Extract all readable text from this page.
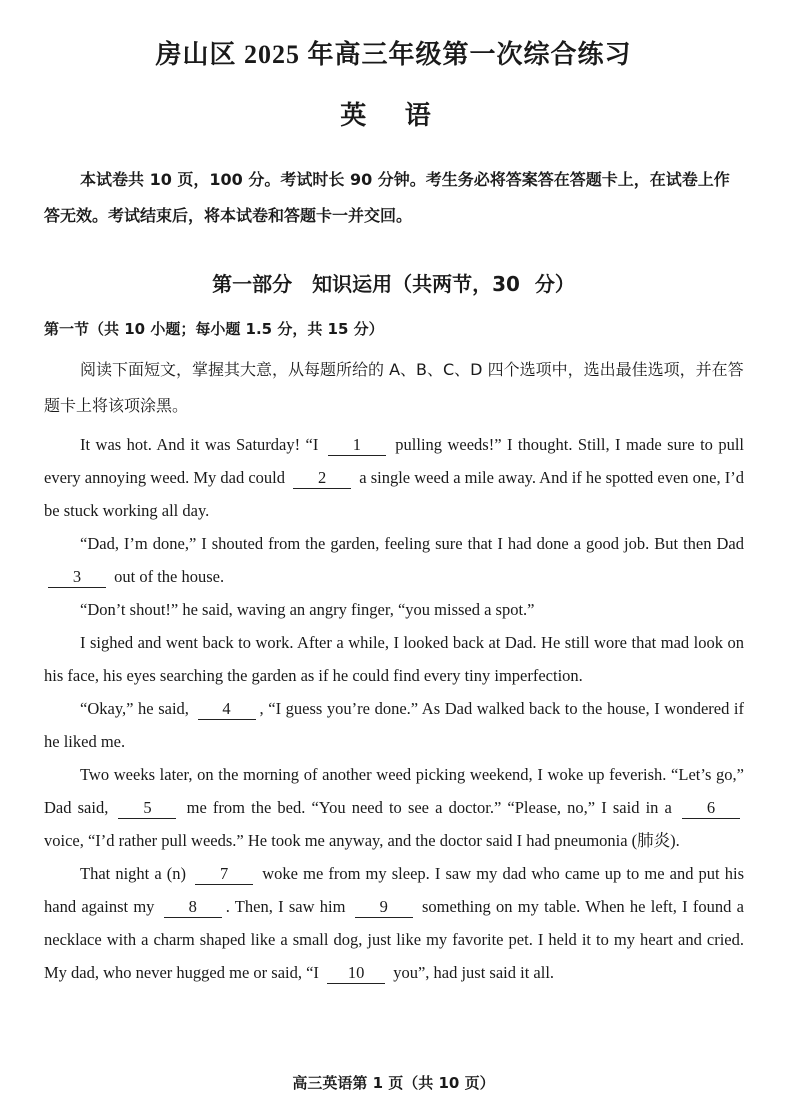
房山区 2025 年高三年级第一次综合练习
英 语
本试卷共 10 页，100 分。考试时长 90 分钟。考生务必将答案答在答题卡上，在试卷上作答无效。考试结束后，将本试卷和答题卡一并交回。
第一部分　知识运用（共两节，30 分）
第一节（共 10 小题；每小题 1.5 分，共 15 分）
阅读下面短文，掌握其大意，从每题所给的 A、B、C、D 四个选项中，选出最佳选项，并在答题卡上将该项涂黑。

It was hot. And it was Saturday! “I 1 pulling weeds!” I thought. Still, I made sure to pull every annoying weed. My dad could 2 a single weed a mile away. And if he spotted even one, I’d be stuck working all day.

“Dad, I’m done,” I shouted from the garden, feeling sure that I had done a good job. But then Dad 3 out of the house.

“Don’t shout!” he said, waving an angry finger, “you missed a spot.”

I sighed and went back to work. After a while, I looked back at Dad. He still wore that mad look on his face, his eyes searching the garden as if he could find every tiny imperfection.

“Okay,” he said, 4 , “I guess you’re done.” As Dad walked back to the house, I wondered if he liked me.

Two weeks later, on the morning of another weed picking weekend, I woke up feverish. “Let’s go,” Dad said, 5 me from the bed. “You need to see a doctor.” “Please, no,” I said in a 6 voice, “I’d rather pull weeds.” He took me anyway, and the doctor said I had pneumonia (肺炎).

That night a (n) 7 woke me from my sleep. I saw my dad who came up to me and put his hand against my 8 . Then, I saw him 9 something on my table. When he left, I found a necklace with a charm shaped like a small dog, just like my favorite pet. I held it to my heart and cried. My dad, who never hugged me or said, “I 10 you”, had just said it all.

高三英语第 1 页（共 10 页）
